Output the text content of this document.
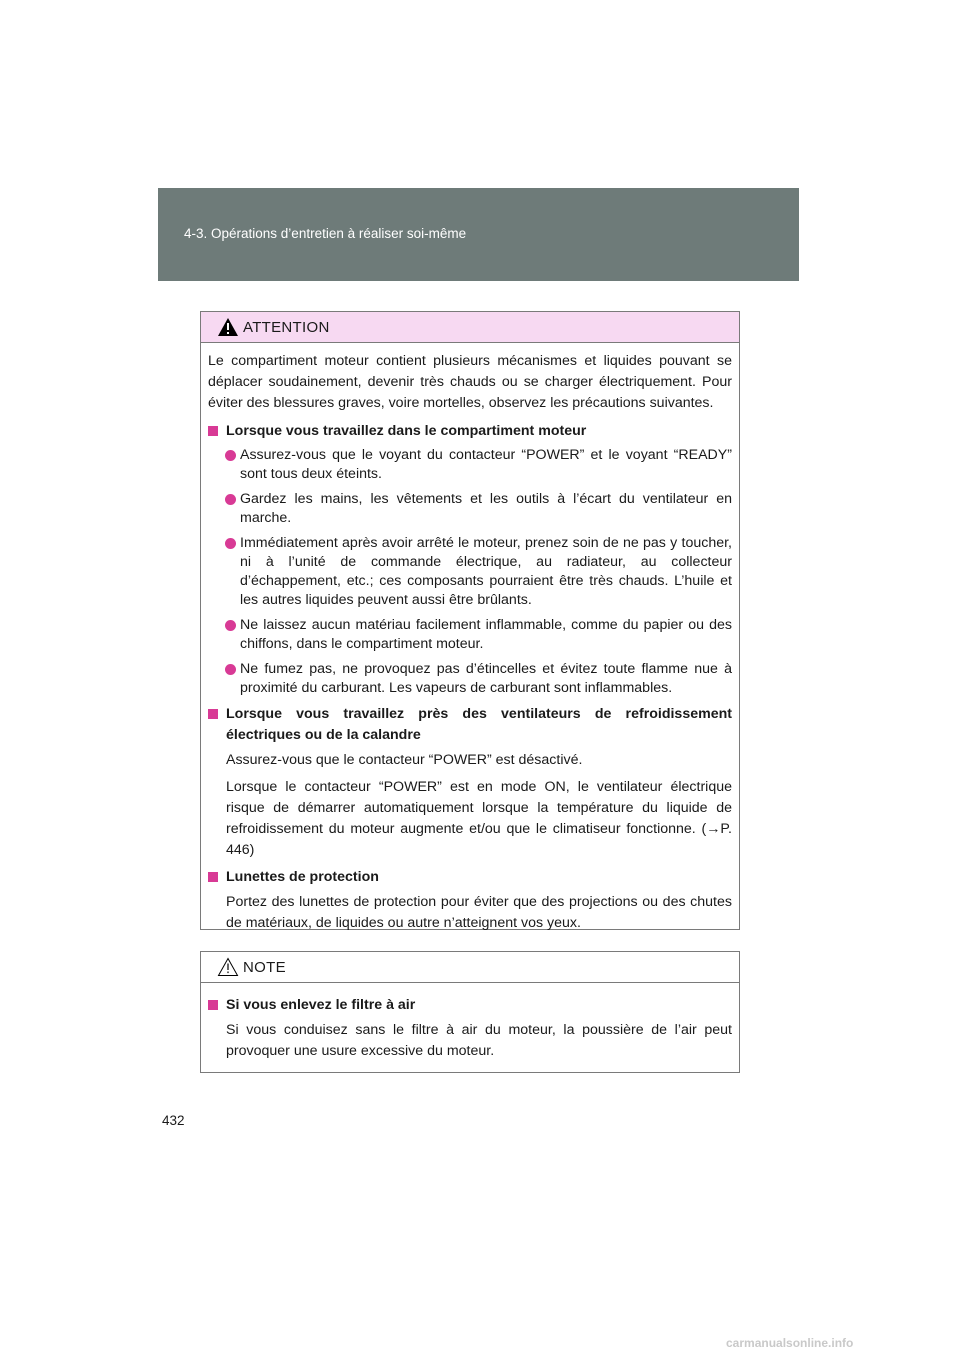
4-3. Opérations d’entretien à réaliser soi-même
ATTENTION

Le compartiment moteur contient plusieurs mécanismes et liquides pouvant se déplacer soudainement, devenir très chauds ou se charger électriquement. Pour éviter des blessures graves, voire mortelles, observez les précautions suivantes.

Lorsque vous travaillez dans le compartiment moteur
Assurez-vous que le voyant du contacteur “POWER” et le voyant “READY” sont tous deux éteints.
Gardez les mains, les vêtements et les outils à l’écart du ventilateur en marche.
Immédiatement après avoir arrêté le moteur, prenez soin de ne pas y toucher, ni à l’unité de commande électrique, au radiateur, au collecteur d’échappement, etc.; ces composants pourraient être très chauds. L’huile et les autres liquides peuvent aussi être brûlants.
Ne laissez aucun matériau facilement inflammable, comme du papier ou des chiffons, dans le compartiment moteur.
Ne fumez pas, ne provoquez pas d’étincelles et évitez toute flamme nue à proximité du carburant. Les vapeurs de carburant sont inflammables.
Lorsque vous travaillez près des ventilateurs de refroidissement électriques ou de la calandre
Assurez-vous que le contacteur “POWER” est désactivé.
Lorsque le contacteur “POWER” est en mode ON, le ventilateur électrique risque de démarrer automatiquement lorsque la température du liquide de refroidissement du moteur augmente et/ou que le climatiseur fonctionne. (→P. 446)
Lunettes de protection
Portez des lunettes de protection pour éviter que des projections ou des chutes de matériaux, de liquides ou autre n’atteignent vos yeux.
NOTE
Si vous enlevez le filtre à air
Si vous conduisez sans le filtre à air du moteur, la poussière de l’air peut provoquer une usure excessive du moteur.
432
carmanualsonline.info
